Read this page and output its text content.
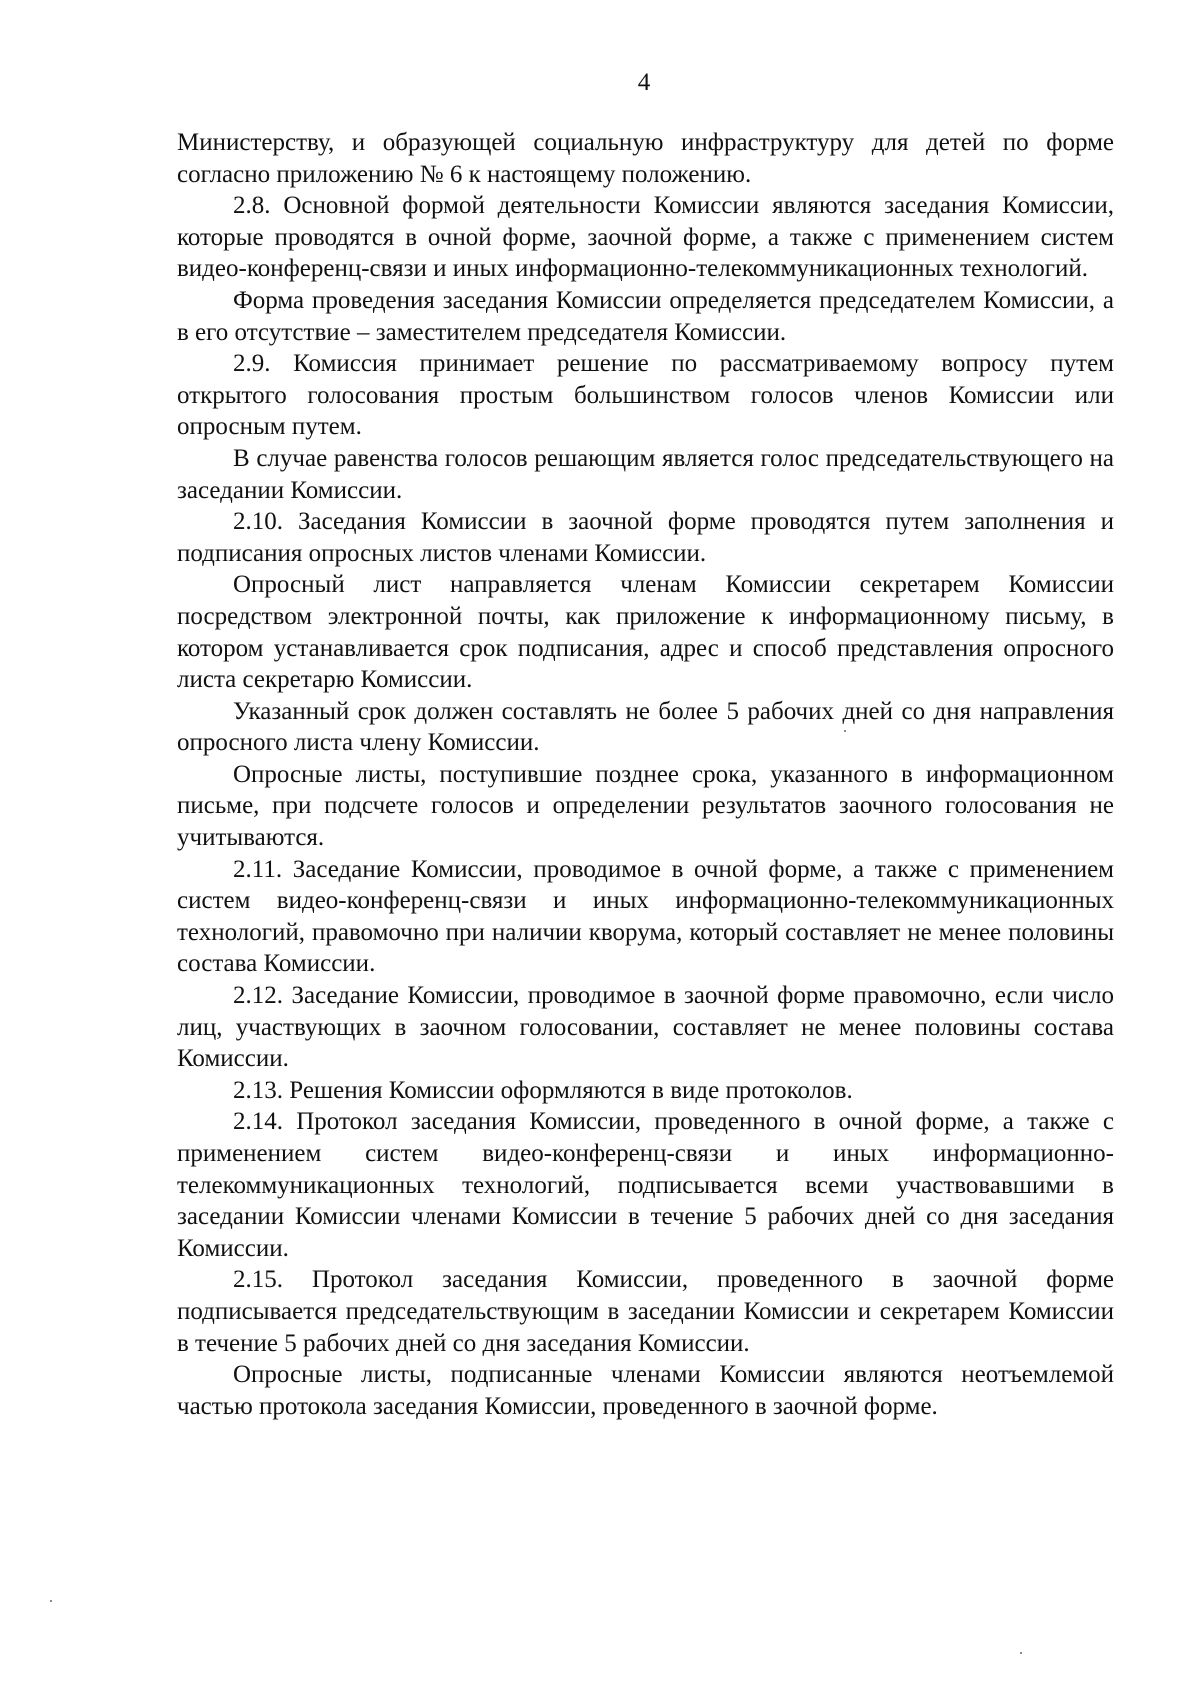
4

Министерству, и образующей социальную инфраструктуру для детей по форме согласно приложению № 6 к настоящему положению.

2.8. Основной формой деятельности Комиссии являются заседания Комиссии, которые проводятся в очной форме, заочной форме, а также с применением систем видео-конференц-связи и иных информационно-телекоммуникационных технологий.

Форма проведения заседания Комиссии определяется председателем Комиссии, а в его отсутствие – заместителем председателя Комиссии.

2.9. Комиссия принимает решение по рассматриваемому вопросу путем открытого голосования простым большинством голосов членов Комиссии или опросным путем.

В случае равенства голосов решающим является голос председательствующего на заседании Комиссии.

2.10. Заседания Комиссии в заочной форме проводятся путем заполнения и подписания опросных листов членами Комиссии.

Опросный лист направляется членам Комиссии секретарем Комиссии посредством электронной почты, как приложение к информационному письму, в котором устанавливается срок подписания, адрес и способ представления опросного листа секретарю Комиссии.

Указанный срок должен составлять не более 5 рабочих дней со дня направления опросного листа члену Комиссии.

Опросные листы, поступившие позднее срока, указанного в информационном письме, при подсчете голосов и определении результатов заочного голосования не учитываются.

2.11. Заседание Комиссии, проводимое в очной форме, а также с применением систем видео-конференц-связи и иных информационно-телекоммуникационных технологий, правомочно при наличии кворума, который составляет не менее половины состава Комиссии.

2.12. Заседание Комиссии, проводимое в заочной форме правомочно, если число лиц, участвующих в заочном голосовании, составляет не менее половины состава Комиссии.

2.13. Решения Комиссии оформляются в виде протоколов.

2.14. Протокол заседания Комиссии, проведенного в очной форме, а также с применением систем видео-конференц-связи и иных информационно-телекоммуникационных технологий, подписывается всеми участвовавшими в заседании Комиссии членами Комиссии в течение 5 рабочих дней со дня заседания Комиссии.

2.15. Протокол заседания Комиссии, проведенного в заочной форме подписывается председательствующим в заседании Комиссии и секретарем Комиссии в течение 5 рабочих дней со дня заседания Комиссии.

Опросные листы, подписанные членами Комиссии являются неотъемлемой частью протокола заседания Комиссии, проведенного в заочной форме.
